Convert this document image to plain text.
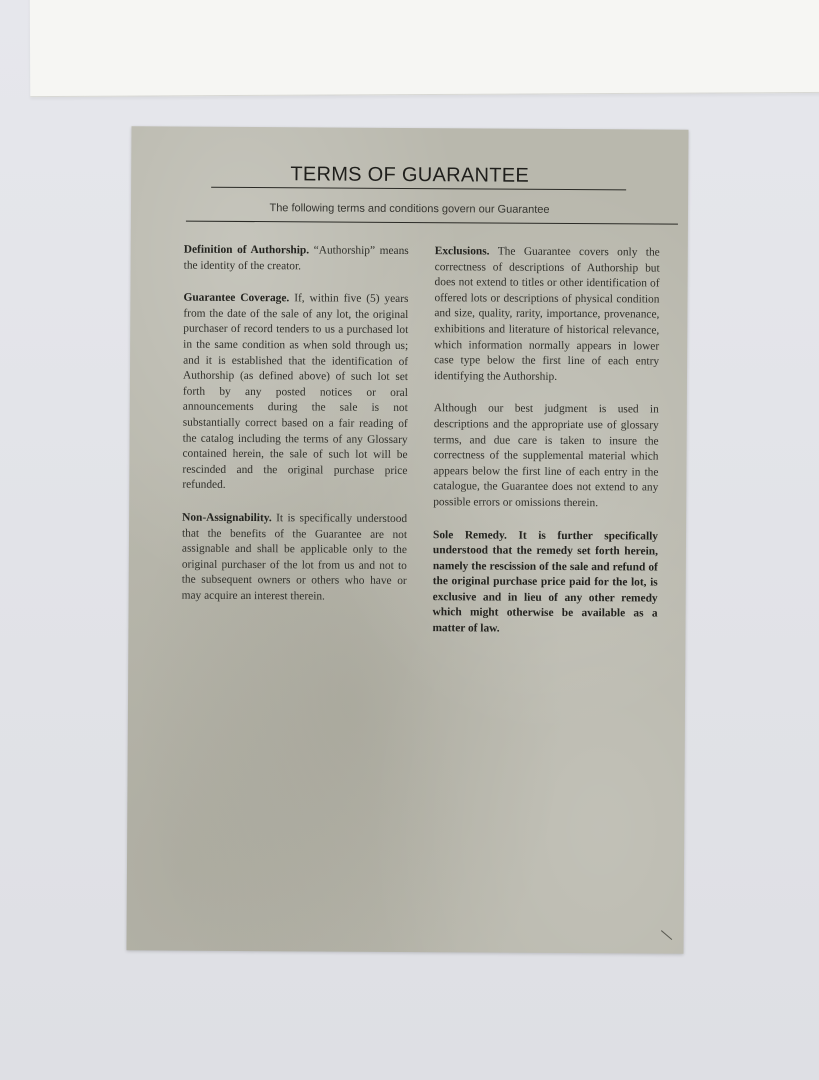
TERMS OF GUARANTEE
The following terms and conditions govern our Guarantee

Definition of Authorship. “Authorship” means the identity of the creator.

Guarantee Coverage. If, within five (5) years from the date of the sale of any lot, the original purchaser of record tenders to us a purchased lot in the same condition as when sold through us; and it is established that the identification of Authorship (as defined above) of such lot set forth by any posted notices or oral announcements during the sale is not substantially correct based on a fair reading of the catalog including the terms of any Glossary contained herein, the sale of such lot will be rescinded and the original purchase price refunded.

Non-Assignability. It is specifically understood that the benefits of the Guarantee are not assignable and shall be applicable only to the original purchaser of the lot from us and not to the subsequent owners or others who have or may acquire an interest therein.

Exclusions. The Guarantee covers only the correctness of descriptions of Authorship but does not extend to titles or other identification of offered lots or descriptions of physical condition and size, quality, rarity, importance, provenance, exhibitions and literature of historical relevance, which information normally appears in lower case type below the first line of each entry identifying the Authorship.

Although our best judgment is used in descriptions and the appropriate use of glossary terms, and due care is taken to insure the correctness of the supplemental material which appears below the first line of each entry in the catalogue, the Guarantee does not extend to any possible errors or omissions therein.

Sole Remedy. It is further specifically understood that the remedy set forth herein, namely the rescission of the sale and refund of the original purchase price paid for the lot, is exclusive and in lieu of any other remedy which might otherwise be available as a matter of law.
